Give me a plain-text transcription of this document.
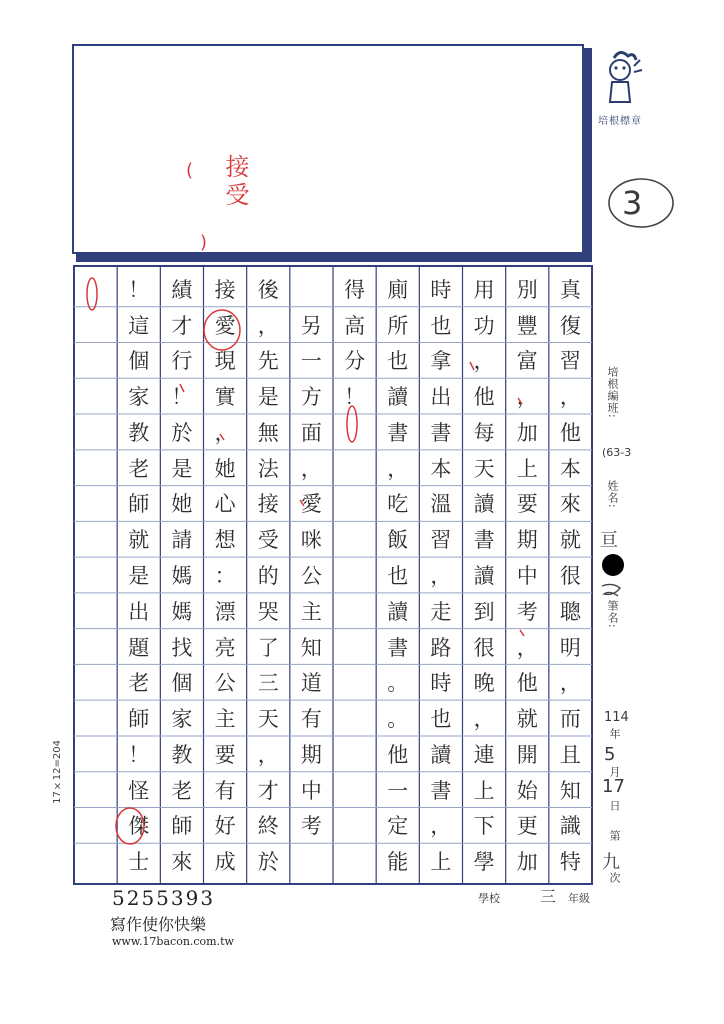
( 接受
)
培根標章
3
真
復
習
，
他
本
來
就
很
聰
明
，
而
且
知
識
特
別
豐
富
，
加
上
要
期
中
考
，
他
就
開
始
更
加
用
功
，
他
每
天
讀
書
讀
到
很
晚
，
連
上
下
學
時
也
拿
出
書
本
溫
習
，
走
路
時
也
讀
書
，
上
廁
所
也
讀
書
，
吃
飯
也
讀
書
。
。
他
一
定
能
得
高
分
！
另
一
方
面
，
愛
咪
公
主
知
道
有
期
中
考
後
，
先
是
無
法
接
受
的
哭
了
三
天
，
才
終
於
接
愛
現
實
，
她
心
想
：
漂
亮
公
主
要
有
好
成
績
才
行
！
於
是
她
請
媽
媽
找
個
家
教
老
師
來
！
這
個
家
教
老
師
就
是
出
題
老
師
！
怪
傑
士
培根編班:
(63-3
姓名:
亘
筆名:
114
年
5
月
17
日
第
九
次
17×12=204
5255393
寫作使你快樂
www.17bacon.com.tw
學校	三 年級
